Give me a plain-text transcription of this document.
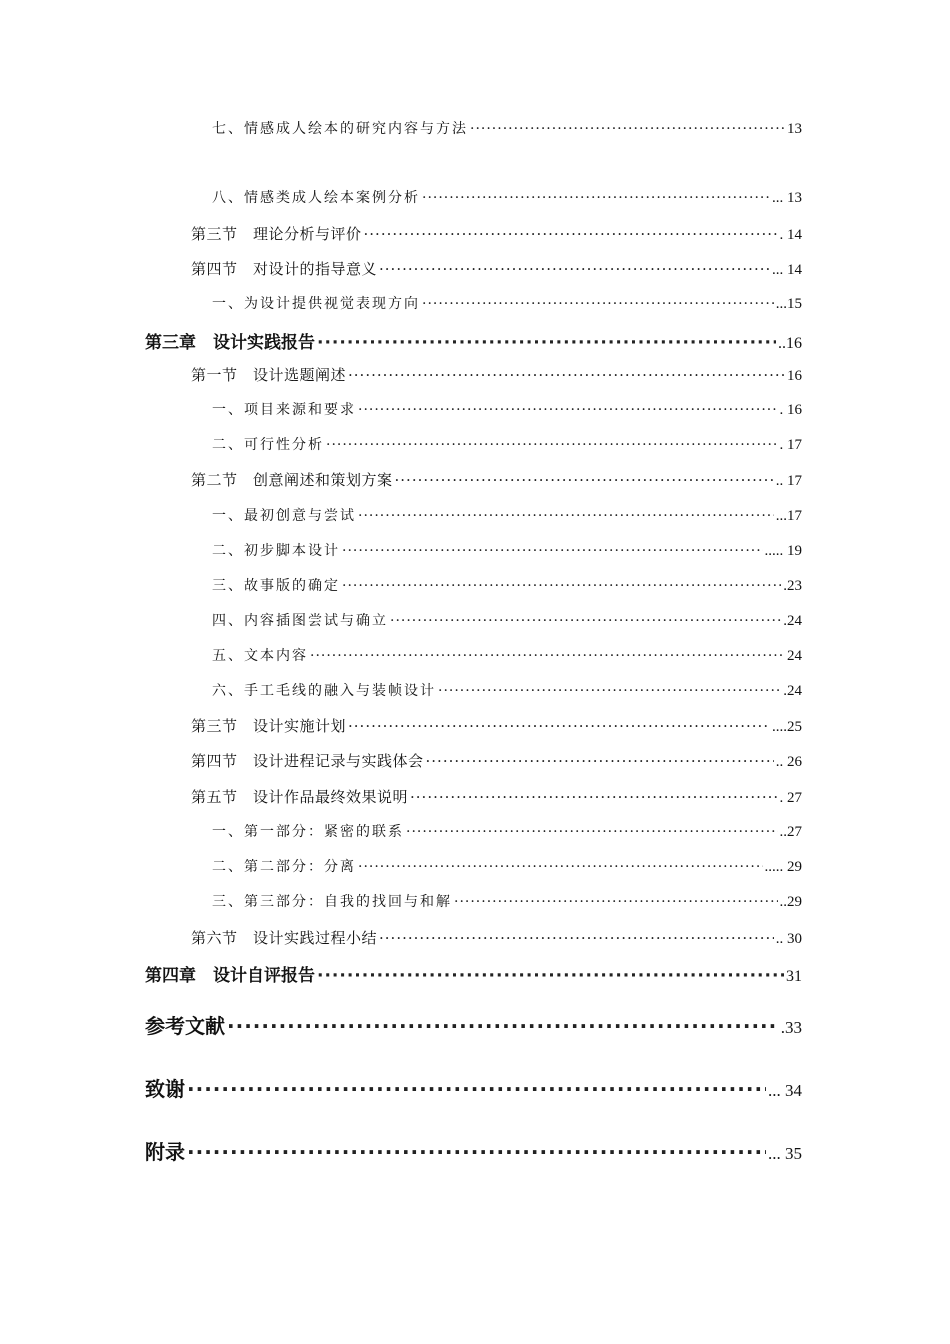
七、情感成人绘本的研究内容与方法 ·····	13
八、情感类成人绘本案例分析 ·····	... 13
第三节　理论分析与评价 ·····	. 14
第四节　对设计的指导意义 ·····	... 14
一、为设计提供视觉表现方向 ·····	...15
第三章　设计实践报告 ·····	..16
第一节　设计选题阐述 ·····	16
一、项目来源和要求 ·····	. 16
二、可行性分析 ·····	. 17
第二节　创意阐述和策划方案 ·····	.. 17
一、最初创意与尝试 ·····	...17
二、初步脚本设计 ·····	..... 19
三、故事版的确定 ·····	.23
四、内容插图尝试与确立 ·····	.24
五、文本内容 ·····	24
六、手工毛线的融入与装帧设计 ·····	.24
第三节　设计实施计划 ·····	....25
第四节　设计进程记录与实践体会 ·····	.. 26
第五节　设计作品最终效果说明 ·····	. 27
一、第一部分：紧密的联系 ·····	..27
二、第二部分：分离 ·····	..... 29
三、第三部分：自我的找回与和解 ·····	..29
第六节　设计实践过程小结 ·····	.. 30
第四章　设计自评报告 ·····	31
参考文献 ·····	.33
致谢 ·····	... 34
附录 ·····	... 35
